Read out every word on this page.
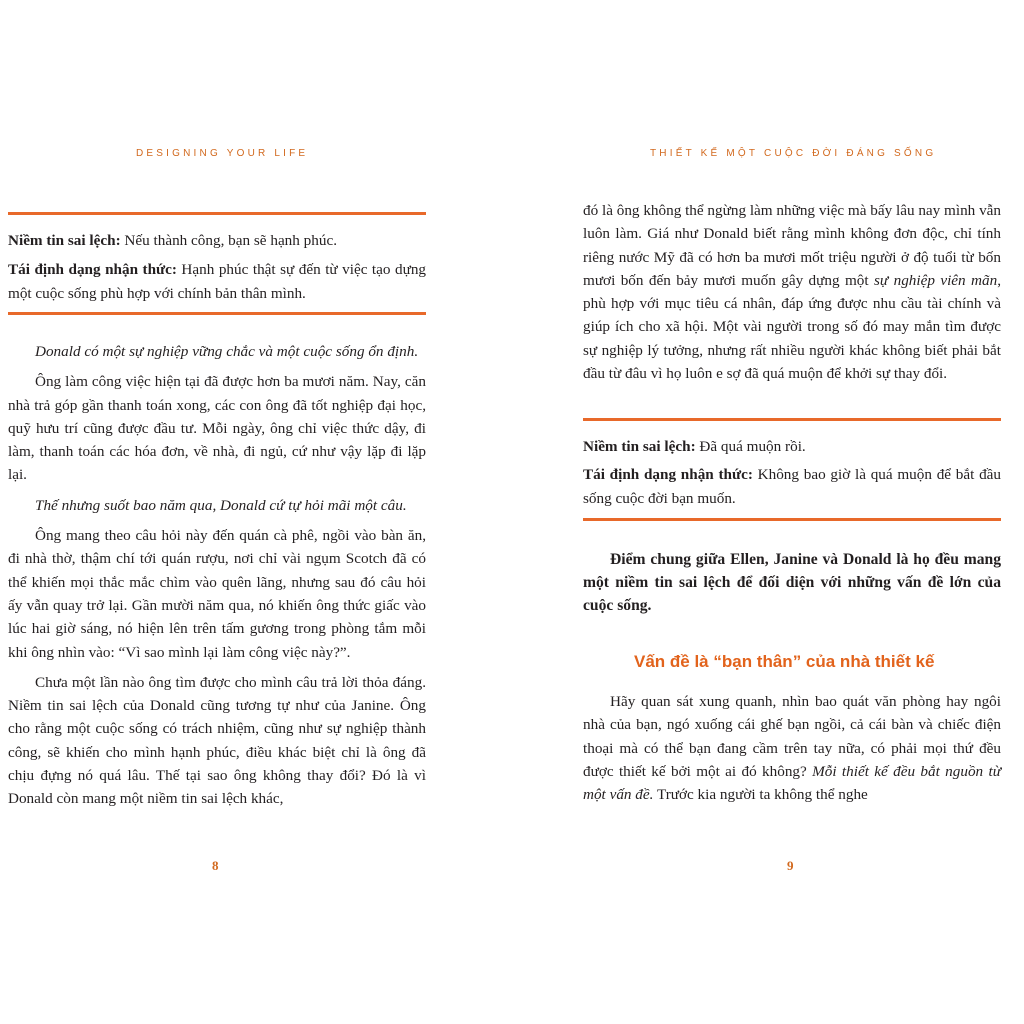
DESIGNING YOUR LIFE

Niềm tin sai lệch: Nếu thành công, bạn sẽ hạnh phúc.

Tái định dạng nhận thức: Hạnh phúc thật sự đến từ việc tạo dựng một cuộc sống phù hợp với chính bản thân mình.

Donald có một sự nghiệp vững chắc và một cuộc sống ổn định.

Ông làm công việc hiện tại đã được hơn ba mươi năm. Nay, căn nhà trả góp gần thanh toán xong, các con ông đã tốt nghiệp đại học, quỹ hưu trí cũng được đầu tư. Mỗi ngày, ông chỉ việc thức dậy, đi làm, thanh toán các hóa đơn, về nhà, đi ngủ, cứ như vậy lặp đi lặp lại.

Thế nhưng suốt bao năm qua, Donald cứ tự hỏi mãi một câu.

Ông mang theo câu hỏi này đến quán cà phê, ngồi vào bàn ăn, đi nhà thờ, thậm chí tới quán rượu, nơi chỉ vài ngụm Scotch đã có thể khiến mọi thắc mắc chìm vào quên lãng, nhưng sau đó câu hỏi ấy vẫn quay trở lại. Gần mười năm qua, nó khiến ông thức giấc vào lúc hai giờ sáng, nó hiện lên trên tấm gương trong phòng tắm mỗi khi ông nhìn vào: “Vì sao mình lại làm công việc này?”.

Chưa một lần nào ông tìm được cho mình câu trả lời thỏa đáng. Niềm tin sai lệch của Donald cũng tương tự như của Janine. Ông cho rằng một cuộc sống có trách nhiệm, cũng như sự nghiệp thành công, sẽ khiến cho mình hạnh phúc, điều khác biệt chỉ là ông đã chịu đựng nó quá lâu. Thế tại sao ông không thay đổi? Đó là vì Donald còn mang một niềm tin sai lệch khác,

8
THIẾT KẾ MỘT CUỘC ĐỜI ĐÁNG SỐNG

đó là ông không thể ngừng làm những việc mà bấy lâu nay mình vẫn luôn làm. Giá như Donald biết rằng mình không đơn độc, chỉ tính riêng nước Mỹ đã có hơn ba mươi mốt triệu người ở độ tuổi từ bốn mươi bốn đến bảy mươi muốn gây dựng một sự nghiệp viên mãn, phù hợp với mục tiêu cá nhân, đáp ứng được nhu cầu tài chính và giúp ích cho xã hội. Một vài người trong số đó may mắn tìm được sự nghiệp lý tưởng, nhưng rất nhiều người khác không biết phải bắt đầu từ đâu vì họ luôn e sợ đã quá muộn để khởi sự thay đổi.

Niềm tin sai lệch: Đã quá muộn rồi.

Tái định dạng nhận thức: Không bao giờ là quá muộn để bắt đầu sống cuộc đời bạn muốn.

Điểm chung giữa Ellen, Janine và Donald là họ đều mang một niềm tin sai lệch để đối diện với những vấn đề lớn của cuộc sống.

Vấn đề là “bạn thân” của nhà thiết kế

Hãy quan sát xung quanh, nhìn bao quát văn phòng hay ngôi nhà của bạn, ngó xuống cái ghế bạn ngồi, cả cái bàn và chiếc điện thoại mà có thể bạn đang cầm trên tay nữa, có phải mọi thứ đều được thiết kế bởi một ai đó không? Mỗi thiết kế đều bắt nguồn từ một vấn đề. Trước kia người ta không thể nghe

9
